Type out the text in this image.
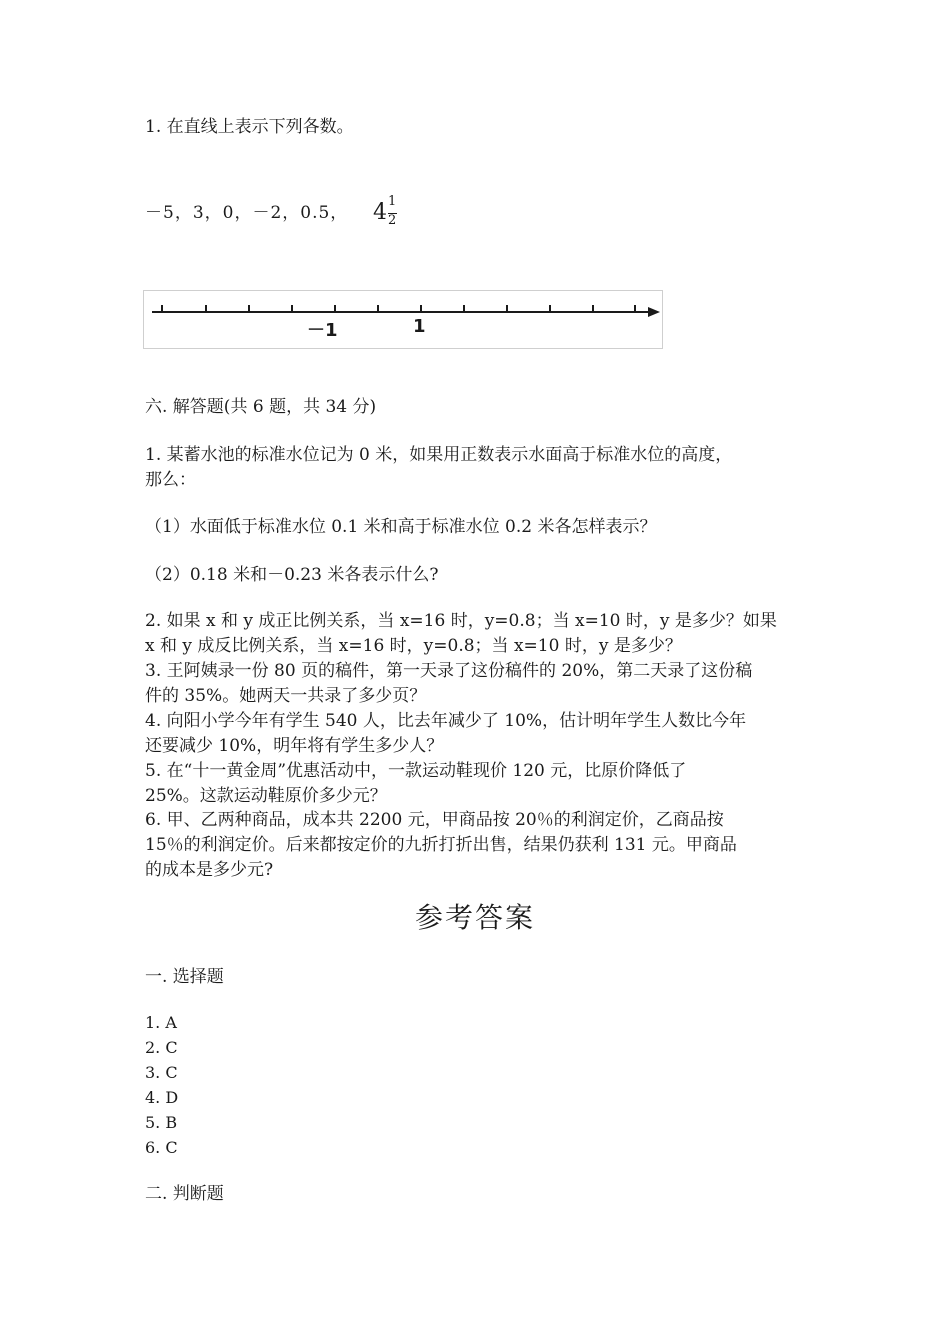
1. 在直线上表示下列各数。
－5，3，0，－2，0.5， 4 1
2
－1	1
六. 解答题(共 6 题，共 34 分)
1. 某蓄水池的标准水位记为 0 米，如果用正数表示水面高于标准水位的高度，
那么：
（1）水面低于标准水位 0.1 米和高于标准水位 0.2 米各怎样表示？
（2）0.18 米和－0.23 米各表示什么?
2. 如果 x 和 y 成正比例关系，当 x=16 时，y=0.8；当 x=10 时，y 是多少？如果
x 和 y 成反比例关系，当 x=16 时，y=0.8；当 x=10 时，y 是多少？
3. 王阿姨录一份 80 页的稿件，第一天录了这份稿件的 20%，第二天录了这份稿
件的 35%。她两天一共录了多少页？
4. 向阳小学今年有学生 540 人，比去年减少了 10%，估计明年学生人数比今年
还要减少 10%，明年将有学生多少人？
5. 在“十一黄金周”优惠活动中，一款运动鞋现价 120 元，比原价降低了
25%。这款运动鞋原价多少元？
6. 甲、乙两种商品，成本共 2200 元，甲商品按 20％的利润定价，乙商品按
15％的利润定价。后来都按定价的九折打折出售，结果仍获利 131 元。甲商品
的成本是多少元?
参考答案
一. 选择题
1. A
2. C
3. C
4. D
5. B
6. C
二. 判断题
